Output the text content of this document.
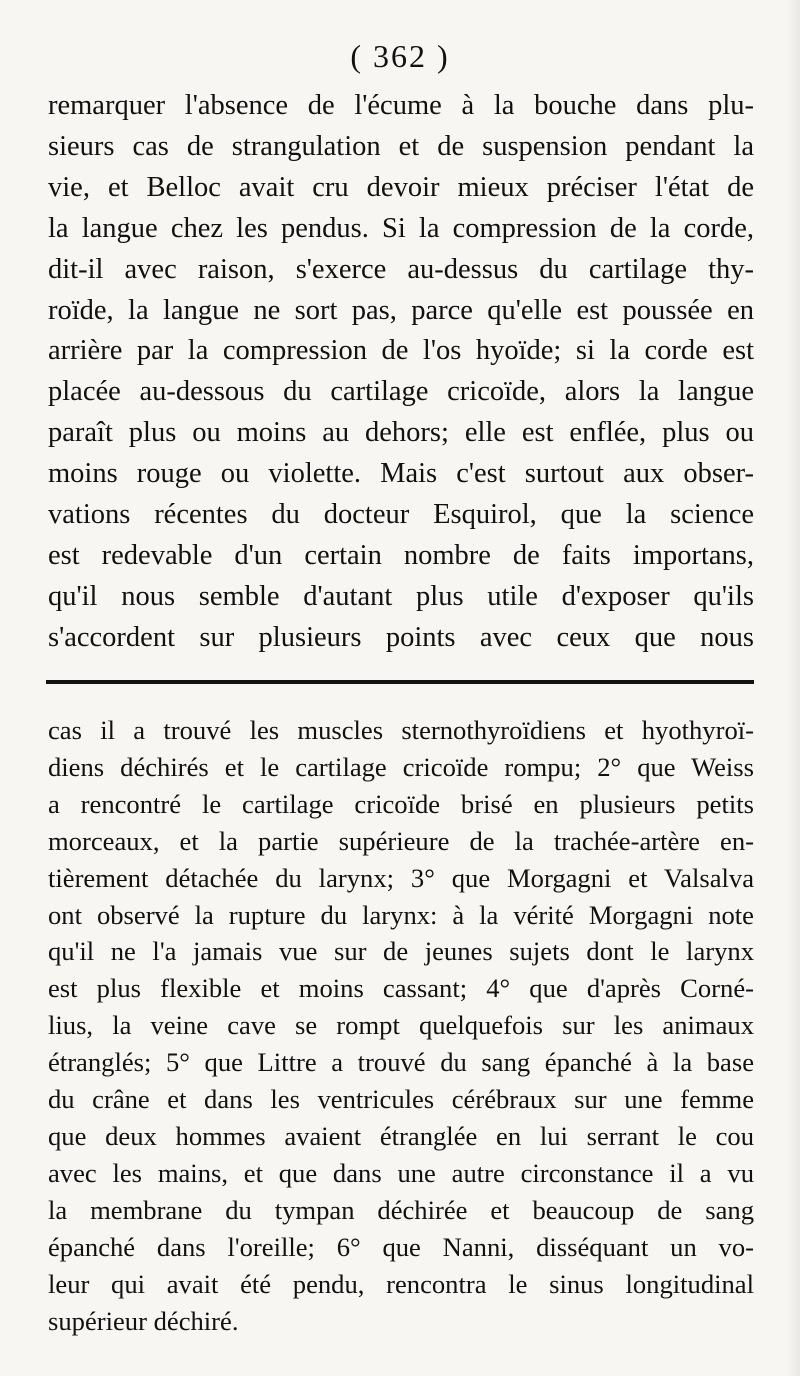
( 362 )
remarquer l'absence de l'écume à la bouche dans plu-
sieurs cas de strangulation et de suspension pendant la
vie, et Belloc avait cru devoir mieux préciser l'état de
la langue chez les pendus. Si la compression de la corde,
dit-il avec raison, s'exerce au-dessus du cartilage thy-
roïde, la langue ne sort pas, parce qu'elle est poussée en
arrière par la compression de l'os hyoïde; si la corde est
placée au-dessous du cartilage cricoïde, alors la langue
paraît plus ou moins au dehors; elle est enflée, plus ou
moins rouge ou violette. Mais c'est surtout aux obser-
vations récentes du docteur Esquirol, que la science
est redevable d'un certain nombre de faits importans,
qu'il nous semble d'autant plus utile d'exposer qu'ils
s'accordent sur plusieurs points avec ceux que nous
cas il a trouvé les muscles sternothyroïdiens et hyothyroï-
diens déchirés et le cartilage cricoïde rompu; 2° que Weiss
a rencontré le cartilage cricoïde brisé en plusieurs petits
morceaux, et la partie supérieure de la trachée-artère en-
tièrement détachée du larynx; 3° que Morgagni et Valsalva
ont observé la rupture du larynx: à la vérité Morgagni note
qu'il ne l'a jamais vue sur de jeunes sujets dont le larynx
est plus flexible et moins cassant; 4° que d'après Corné-
lius, la veine cave se rompt quelquefois sur les animaux
étranglés; 5° que Littre a trouvé du sang épanché à la base
du crâne et dans les ventricules cérébraux sur une femme
que deux hommes avaient étranglée en lui serrant le cou
avec les mains, et que dans une autre circonstance il a vu
la membrane du tympan déchirée et beaucoup de sang
épanché dans l'oreille; 6° que Nanni, disséquant un vo-
leur qui avait été pendu, rencontra le sinus longitudinal
supérieur déchiré.
